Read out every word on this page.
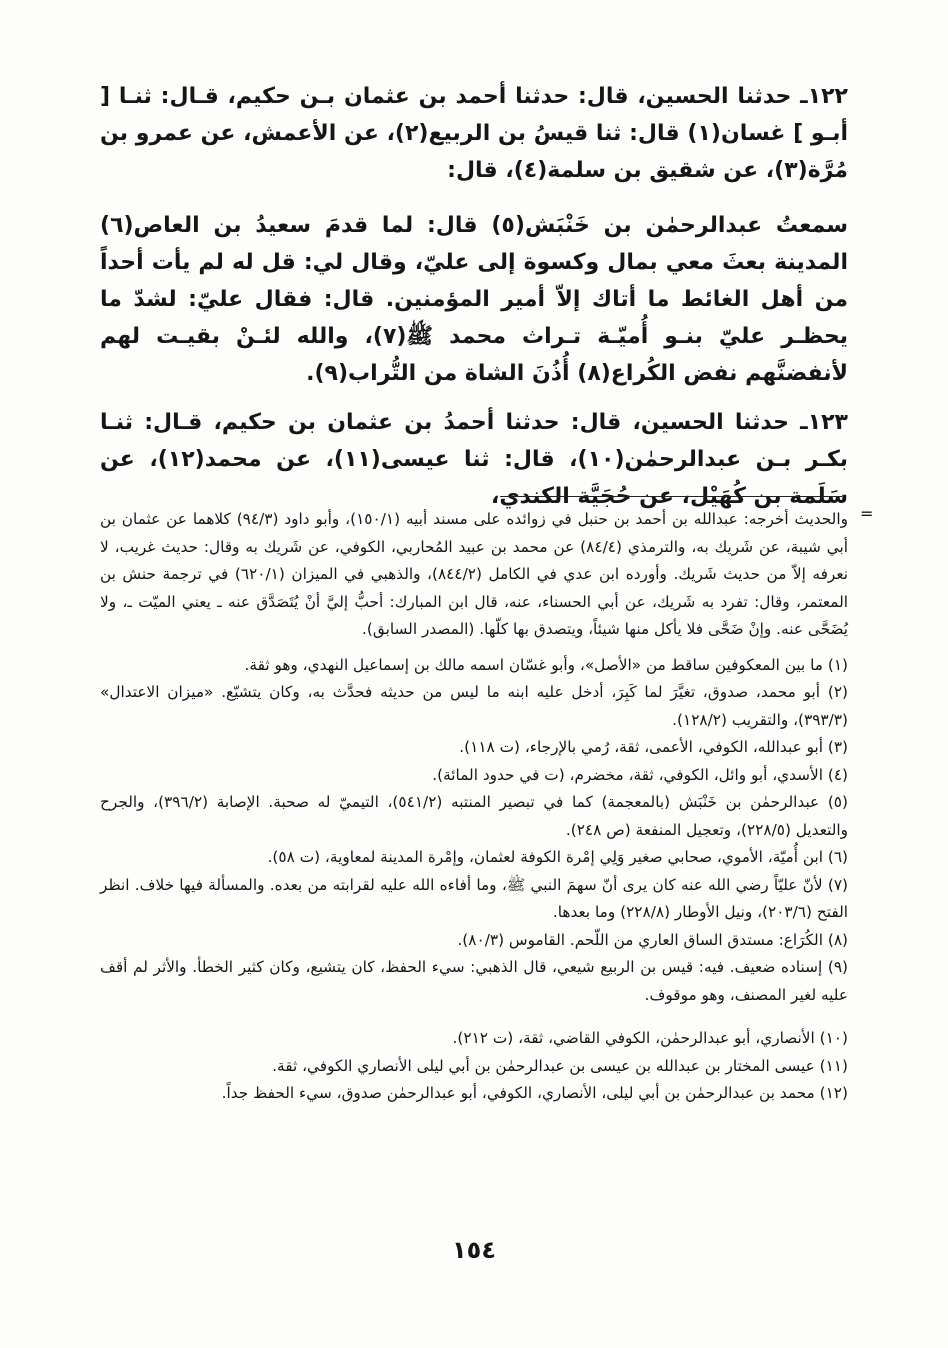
١٢٢ـ حدثنا الحسين، قال: حدثنا أحمد بن عثمان بـن حكيم، قـال: ثنـا [ أبـو ] غسان(١) قال: ثنا قيسُ بن الربيع(٢)، عن الأعمش، عن عمرو بن مُرَّة(٣)، عن شقيق بن سلمة(٤)، قال:

سمعتُ عبدالرحمٰن بن خَنْبَش(٥) قال: لما قدمَ سعيدُ بن العاص(٦) المدينة بعثَ معي بمال وكسوة إلى عليّ، وقال لي: قل له لم يأت أحداً من أهل الغائط ما أتاك إلاّ أمير المؤمنين. قال: فقال عليّ: لشدّ ما يحظـر عليّ بنـو أُميّـة تـراث محمد ﷺ(٧)، والله لئـنْ بقيـت لهم لأنفضنَّهم نفض الكُراع(٨) أُذُنَ الشاة من التُّراب(٩).

١٢٣ـ حدثنا الحسين، قال: حدثنا أحمدُ بن عثمان بن حكيم، قـال: ثنـا بكـر بـن عبدالرحمٰن(١٠)، قال: ثنا عيسى(١١)، عن محمد(١٢)، عن سَلَمة بن كُهَيْل، عن حُجَيَّة الكندي،

=

والحديث أخرجه: عبدالله بن أحمد بن حنبل في زوائده على مسند أبيه (١٥٠/١)، وأبو داود (٩٤/٣) كلاهما عن عثمان بن أبي شيبة، عن شَريك به، والترمذي (٨٤/٤) عن محمد بن عبيد المُحاربي، الكوفي، عن شَريك به وقال: حديث غريب، لا نعرفه إلاّ من حديث شَريك. وأورده ابن عدي في الكامل (٨٤٤/٢)، والذهبي في الميزان (٦٢٠/١) في ترجمة حنش بن المعتمر، وقال: تفرد به شَريك، عن أبي الحسناء، عنه، قال ابن المبارك: أحبُّ إليَّ أنْ يُتَصَدَّق عنه ـ يعني الميّت ـ، ولا يُضَحَّى عنه. وإنْ ضَحَّى فلا يأكل منها شيئاً، ويتصدق بها كلّها. (المصدر السابق).

(١) ما بين المعكوفين ساقط من «الأصل»، وأبو غسّان اسمه مالك بن إسماعيل النهدي، وهو ثقة.

(٢) أبو محمد، صدوق، تغيَّرَ لما كَبِرَ، أدخل عليه ابنه ما ليس من حديثه فحدَّث به، وكان يتشيّع. «ميزان الاعتدال» (٣٩٣/٣)، والتقريب (١٢٨/٢).

(٣) أبو عبدالله، الكوفي، الأعمى، ثقة، رُمي بالإرجاء، (ت ١١٨).

(٤) الأسدي، أبو وائل، الكوفي، ثقة، مخضرم، (ت في حدود المائة).

(٥) عبدالرحمٰن بن خَنْبَش (بالمعجمة) كما في تبصير المنتبه (٥٤١/٢)، التيميّ له صحبة. الإصابة (٣٩٦/٢)، والجرح والتعديل (٢٢٨/٥)، وتعجيل المنفعة (ص ٢٤٨).

(٦) ابن أُميّة، الأموي، صحابي صغير وَلِي إمْرة الكوفة لعثمان، وإمْرة المدينة لمعاوية، (ت ٥٨).

(٧) لأنّ عليّاً رضي الله عنه كان يرى أنّ سهمَ النبي ﷺ، وما أفاءه الله عليه لقرابته من بعده. والمسألة فيها خلاف. انظر الفتح (٢٠٣/٦)، ونيل الأوطار (٢٢٨/٨) وما بعدها.

(٨) الكُرَاع: مستدق الساق العاري من اللّحم. القاموس (٨٠/٣).

(٩) إسناده ضعيف. فيه: قيس بن الربيع شيعي، قال الذهبي: سيء الحفظ، كان يتشيع، وكان كثير الخطأ. والأثر لم أقف عليه لغير المصنف، وهو موقوف.

(١٠) الأنصاري، أبو عبدالرحمٰن، الكوفي القاضي، ثقة، (ت ٢١٢).

(١١) عيسى المختار بن عبدالله بن عيسى بن عبدالرحمٰن بن أبي ليلى الأنصاري الكوفي، ثقة.

(١٢) محمد بن عبدالرحمٰن بن أبي ليلى، الأنصاري، الكوفي، أبو عبدالرحمٰن صدوق، سيء الحفظ جداً.

١٥٤
